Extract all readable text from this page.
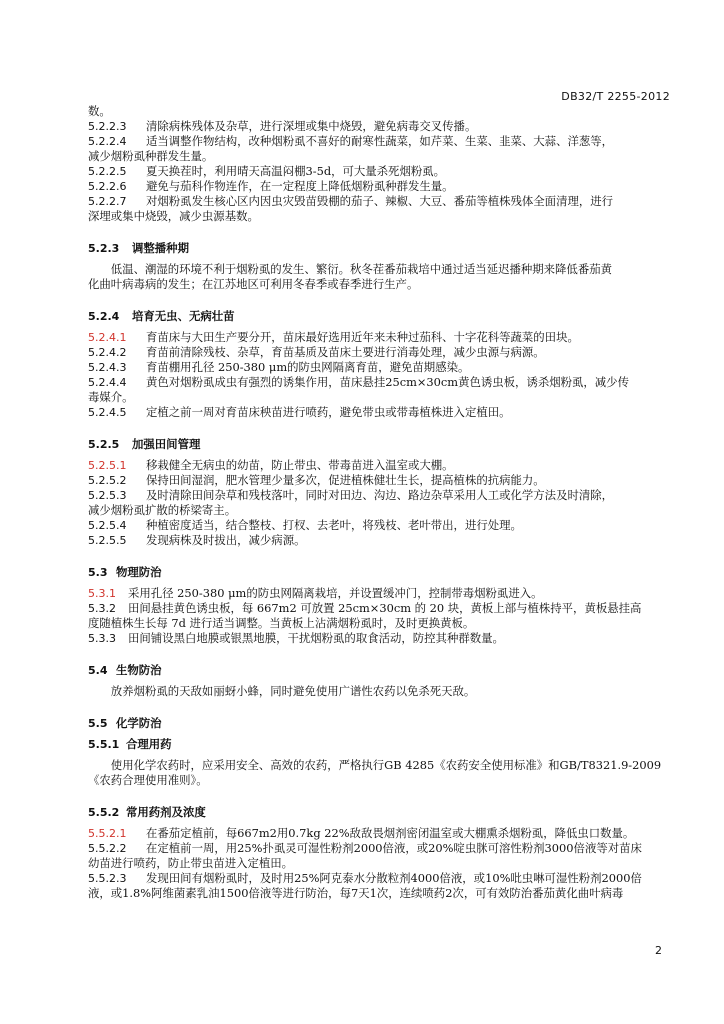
DB32/T 2255-2012

数。

5.2.2.3	清除病株残体及杂草，进行深埋或集中烧毁，避免病毒交叉传播。

5.2.2.4	适当调整作物结构，改种烟粉虱不喜好的耐寒性蔬菜，如芹菜、生菜、韭菜、大蒜、洋葱等，

减少烟粉虱种群发生量。

5.2.2.5	夏天换茬时，利用晴天高温闷棚3-5d，可大量杀死烟粉虱。

5.2.2.6	避免与茄科作物连作，在一定程度上降低烟粉虱种群发生量。

5.2.2.7	对烟粉虱发生核心区内因虫灾毁苗毁棚的茄子、辣椒、大豆、番茄等植株残体全面清理，进行

深埋或集中烧毁，减少虫源基数。

5.2.3	调整播种期

低温、潮湿的环境不利于烟粉虱的发生、繁衍。秋冬茬番茄栽培中通过适当延迟播种期来降低番茄黄

化曲叶病毒病的发生；在江苏地区可利用冬春季或春季进行生产。

5.2.4	培育无虫、无病壮苗
5.2.4.1	育苗床与大田生产要分开，苗床最好选用近年来未种过茄科、十字花科等蔬菜的田块。

5.2.4.2	育苗前清除残枝、杂草，育苗基质及苗床土要进行消毒处理，减少虫源与病源。

5.2.4.3	育苗棚用孔径 250-380 μm的防虫网隔离育苗，避免苗期感染。

5.2.4.4	黄色对烟粉虱成虫有强烈的诱集作用，苗床悬挂25cm×30cm黄色诱虫板，诱杀烟粉虱，减少传

毒媒介。

5.2.4.5	定植之前一周对育苗床秧苗进行喷药，避免带虫或带毒植株进入定植田。

5.2.5	加强田间管理
5.2.5.1	移栽健全无病虫的幼苗，防止带虫、带毒苗进入温室或大棚。

5.2.5.2	保持田间湿润，肥水管理少量多次，促进植株健壮生长，提高植株的抗病能力。

5.2.5.3	及时清除田间杂草和残枝落叶，同时对田边、沟边、路边杂草采用人工或化学方法及时清除，

减少烟粉虱扩散的桥梁寄主。

5.2.5.4	种植密度适当，结合整枝、打杈、去老叶，将残枝、老叶带出，进行处理。

5.2.5.5	发现病株及时拔出，减少病源。

5.3 物理防治
5.3.1	采用孔径 250-380 μm的防虫网隔离栽培，并设置缓冲门，控制带毒烟粉虱进入。

5.3.2	田间悬挂黄色诱虫板，每 667m2 可放置 25cm×30cm 的 20 块，黄板上部与植株持平，黄板悬挂高

度随植株生长每 7d 进行适当调整。当黄板上沾满烟粉虱时，及时更换黄板。

5.3.3	田间铺设黑白地膜或银黑地膜，干扰烟粉虱的取食活动，防控其种群数量。

5.4 生物防治

放养烟粉虱的天敌如丽蚜小蜂，同时避免使用广谱性农药以免杀死天敌。

5.5 化学防治
5.5.1 合理用药

使用化学农药时，应采用安全、高效的农药，严格执行GB 4285《农药安全使用标准》和GB/T8321.9-2009

《农药合理使用准则》。

5.5.2 常用药剂及浓度
5.5.2.1	在番茄定植前，每667m2用0.7kg 22%敌敌畏烟剂密闭温室或大棚熏杀烟粉虱，降低虫口数量。

5.5.2.2	在定植前一周，用25%扑虱灵可湿性粉剂2000倍液，或20%啶虫脒可溶性粉剂3000倍液等对苗床

幼苗进行喷药，防止带虫苗进入定植田。

5.5.2.3	发现田间有烟粉虱时，及时用25%阿克泰水分散粒剂4000倍液，或10%吡虫啉可湿性粉剂2000倍

液，或1.8%阿维菌素乳油1500倍液等进行防治，每7天1次，连续喷药2次，可有效防治番茄黄化曲叶病毒

2
